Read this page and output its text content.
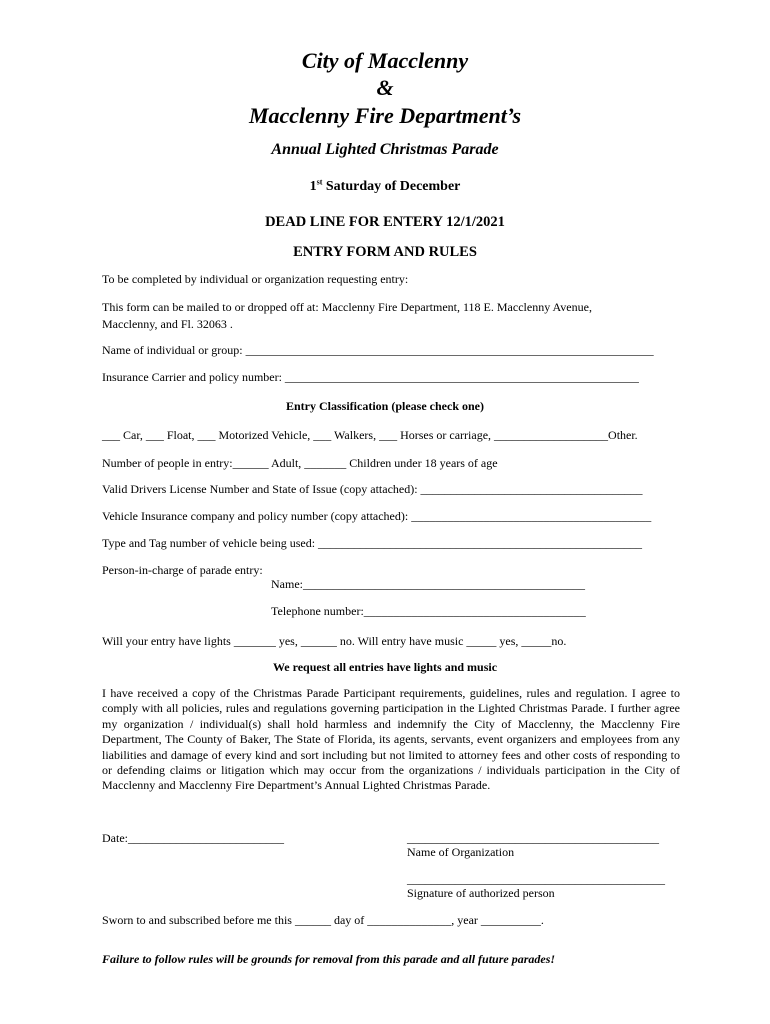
City of Macclenny
&
Macclenny Fire Department’s
Annual Lighted Christmas Parade
1st Saturday of December
DEAD LINE FOR ENTERY 12/1/2021
ENTRY FORM AND RULES
To be completed by individual or organization requesting entry:
This form can be mailed to or dropped off at: Macclenny Fire Department, 118 E. Macclenny Avenue,
Macclenny, and Fl. 32063 .
Name of individual or group: ____________________________________________________________________
Insurance Carrier and policy number: ___________________________________________________________
Entry Classification (please check one)
___ Car, ___ Float, ___ Motorized Vehicle, ___ Walkers, ___ Horses or carriage, ___________________Other.
Number of people in entry:______ Adult, _______ Children under 18 years of age
Valid Drivers License Number and State of Issue (copy attached): _____________________________________
Vehicle Insurance company and policy number (copy attached): ________________________________________
Type and Tag number of vehicle being used: ______________________________________________________
Person-in-charge of parade entry:
Name:_______________________________________________
Telephone number:_____________________________________
Will your entry have lights _______ yes, ______ no. Will entry have music _____ yes, _____no.
We request all entries have lights and music
I have received a copy of the Christmas Parade Participant requirements, guidelines, rules and regulation. I agree to comply with all policies, rules and regulations governing participation in the Lighted Christmas Parade. I further agree my organization / individual(s) shall hold harmless and indemnify the City of Macclenny, the Macclenny Fire Department, The County of Baker, The State of Florida, its agents, servants, event organizers and employees from any liabilities and damage of every kind and sort including but not limited to attorney fees and other costs of responding to or defending claims or litigation which may occur from the organizations / individuals participation in the City of Macclenny and Macclenny Fire Department’s Annual Lighted Christmas Parade.
Date:__________________________	__________________________________________
Name of Organization
___________________________________________
Signature of authorized person
Sworn to and subscribed before me this ______ day of ______________, year __________.
Failure to follow rules will be grounds for removal from this parade and all future parades!
